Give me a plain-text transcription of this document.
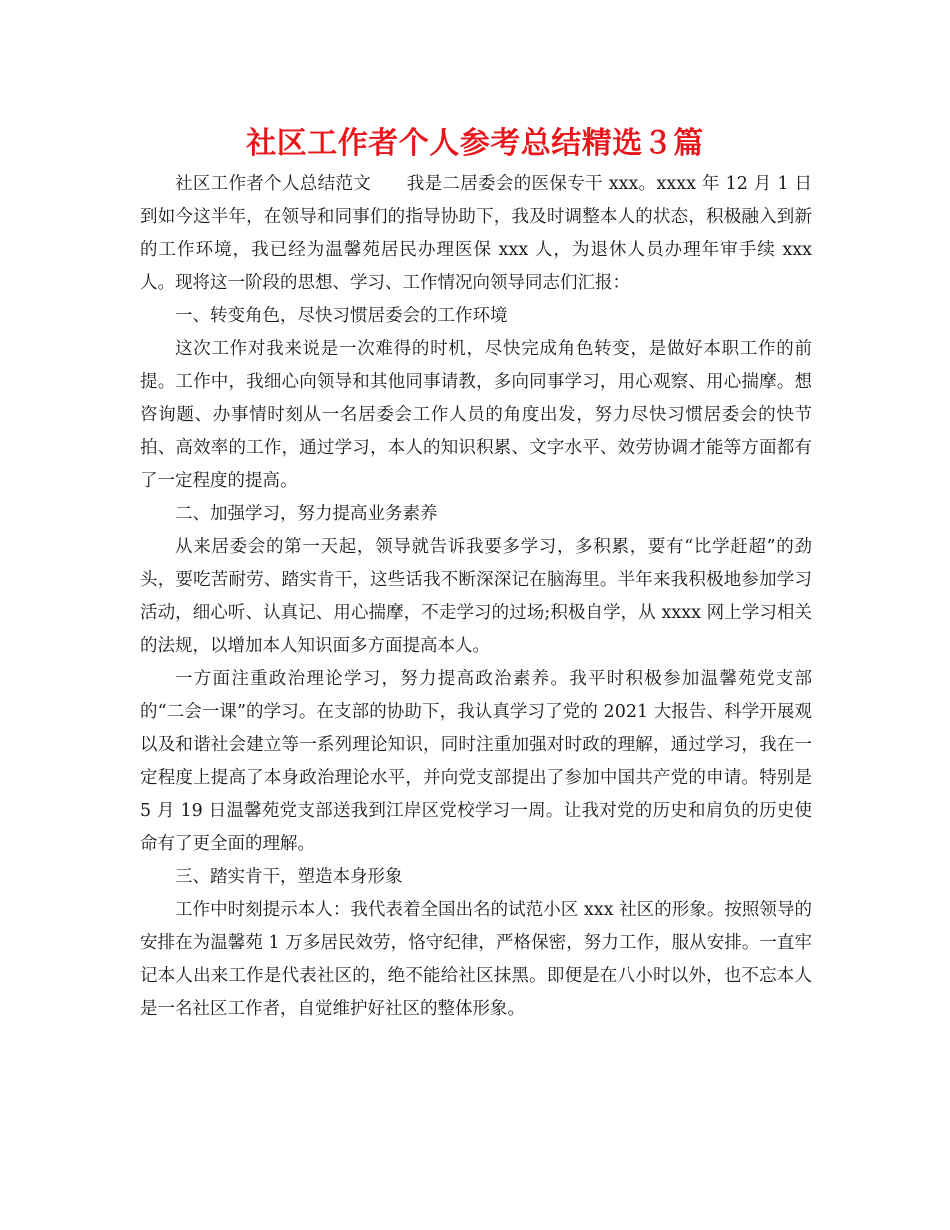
社区工作者个人参考总结精选３篇

社区工作者个人总结范文　　我是二居委会的医保专干 xxx。xxxx 年 12 月 1 日到如今这半年，在领导和同事们的指导协助下，我及时调整本人的状态，积极融入到新的工作环境，我已经为温馨苑居民办理医保 xxx 人，为退休人员办理年审手续 xxx 人。现将这一阶段的思想、学习、工作情况向领导同志们汇报：

一、转变角色，尽快习惯居委会的工作环境

这次工作对我来说是一次难得的时机，尽快完成角色转变，是做好本职工作的前提。工作中，我细心向领导和其他同事请教，多向同事学习，用心观察、用心揣摩。想咨询题、办事情时刻从一名居委会工作人员的角度出发，努力尽快习惯居委会的快节拍、高效率的工作，通过学习，本人的知识积累、文字水平、效劳协调才能等方面都有了一定程度的提高。

二、加强学习，努力提高业务素养

从来居委会的第一天起，领导就告诉我要多学习，多积累，要有“比学赶超”的劲头，要吃苦耐劳、踏实肯干，这些话我不断深深记在脑海里。半年来我积极地参加学习活动，细心听、认真记、用心揣摩，不走学习的过场;积极自学，从 xxxx 网上学习相关的法规，以增加本人知识面多方面提高本人。

一方面注重政治理论学习，努力提高政治素养。我平时积极参加温馨苑党支部的“二会一课”的学习。在支部的协助下，我认真学习了党的 2021 大报告、科学开展观以及和谐社会建立等一系列理论知识，同时注重加强对时政的理解，通过学习，我在一定程度上提高了本身政治理论水平，并向党支部提出了参加中国共产党的申请。特别是 5 月 19 日温馨苑党支部送我到江岸区党校学习一周。让我对党的历史和肩负的历史使命有了更全面的理解。

三、踏实肯干，塑造本身形象

工作中时刻提示本人：我代表着全国出名的试范小区 xxx 社区的形象。按照领导的安排在为温馨苑 1 万多居民效劳，恪守纪律，严格保密，努力工作，服从安排。一直牢记本人出来工作是代表社区的，绝不能给社区抹黑。即便是在八小时以外，也不忘本人是一名社区工作者，自觉维护好社区的整体形象。
